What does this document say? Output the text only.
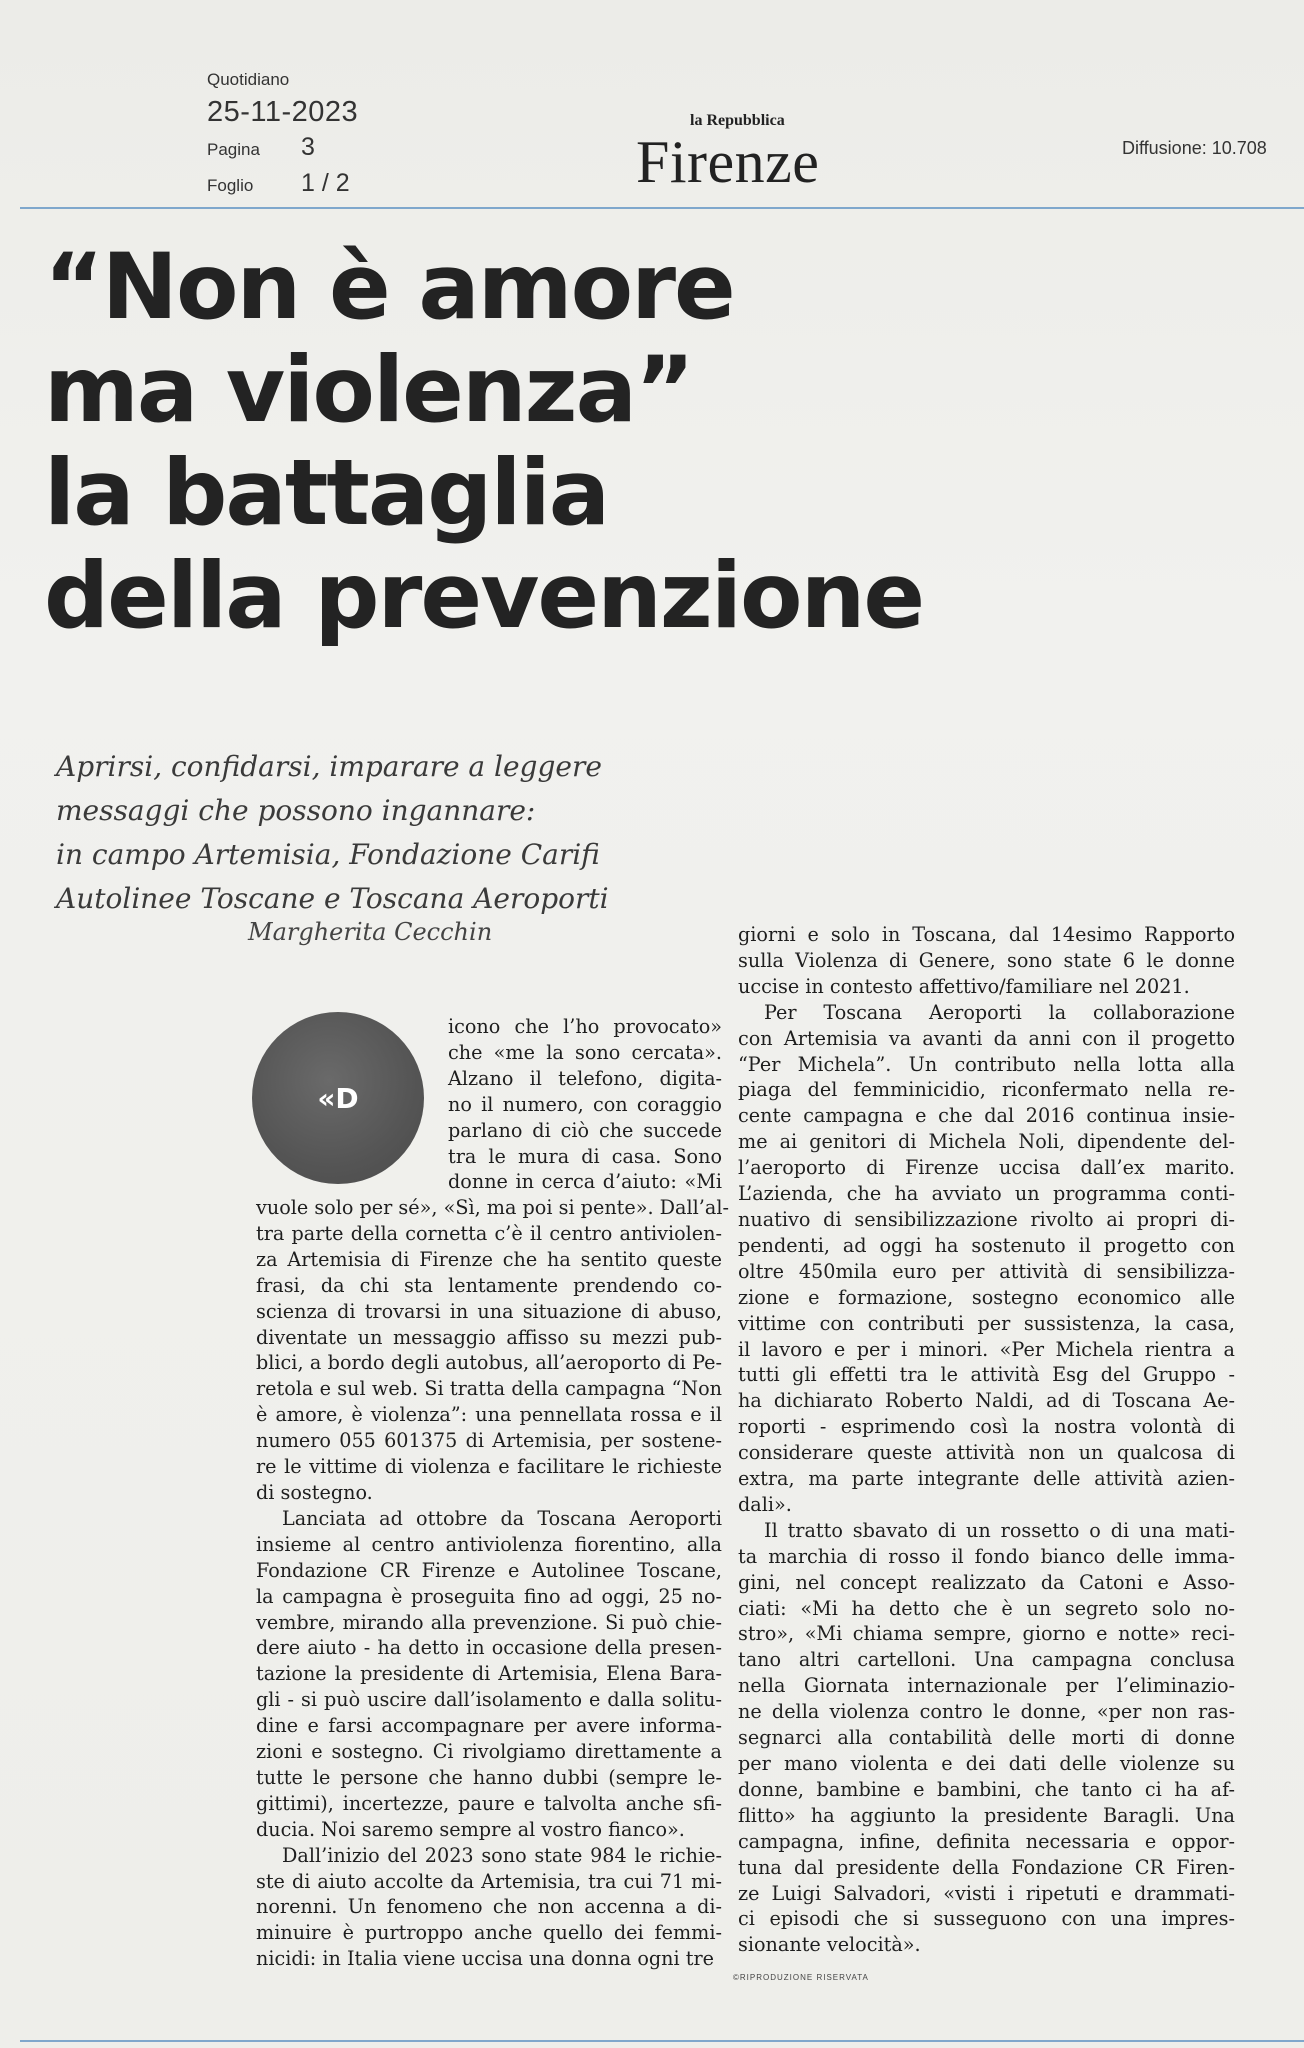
Quotidiano
25-11-2023
Pagina	3
Foglio	1 / 2
la Repubblica
Firenze	Diffusione: 10.708
“Non è amore
ma violenza”
la battaglia
della prevenzione
Aprirsi, confidarsi, imparare a leggere
messaggi che possono ingannare:
in campo Artemisia, Fondazione Carifi
Autolinee Toscane e Toscana Aeroporti
Margherita Cecchin
«D
icono che l’ho provocato»
che «me la sono cercata».
Alzano il telefono, digita-
no il numero, con coraggio
parlano di ciò che succede
tra le mura di casa. Sono
donne in cerca d’aiuto: «Mi
vuole solo per sé», «Sì, ma poi si pente». Dall’al-
tra parte della cornetta c’è il centro antiviolen-
za Artemisia di Firenze che ha sentito queste
frasi, da chi sta lentamente prendendo co-
scienza di trovarsi in una situazione di abuso,
diventate un messaggio affisso su mezzi pub-
blici, a bordo degli autobus, all’aeroporto di Pe-
retola e sul web. Si tratta della campagna “Non
è amore, è violenza”: una pennellata rossa e il
numero 055 601375 di Artemisia, per sostene-
re le vittime di violenza e facilitare le richieste
di sostegno.
Lanciata ad ottobre da Toscana Aeroporti
insieme al centro antiviolenza fiorentino, alla
Fondazione CR Firenze e Autolinee Toscane,
la campagna è proseguita fino ad oggi, 25 no-
vembre, mirando alla prevenzione. Si può chie-
dere aiuto - ha detto in occasione della presen-
tazione la presidente di Artemisia, Elena Bara-
gli - si può uscire dall’isolamento e dalla solitu-
dine e farsi accompagnare per avere informa-
zioni e sostegno. Ci rivolgiamo direttamente a
tutte le persone che hanno dubbi (sempre le-
gittimi), incertezze, paure e talvolta anche sfi-
ducia. Noi saremo sempre al vostro fianco».
Dall’inizio del 2023 sono state 984 le richie-
ste di aiuto accolte da Artemisia, tra cui 71 mi-
norenni. Un fenomeno che non accenna a di-
minuire è purtroppo anche quello dei femmi-
nicidi: in Italia viene uccisa una donna ogni tre
giorni e solo in Toscana, dal 14esimo Rapporto
sulla Violenza di Genere, sono state 6 le donne
uccise in contesto affettivo/familiare nel 2021.
Per Toscana Aeroporti la collaborazione
con Artemisia va avanti da anni con il progetto
“Per Michela”. Un contributo nella lotta alla
piaga del femminicidio, riconfermato nella re-
cente campagna e che dal 2016 continua insie-
me ai genitori di Michela Noli, dipendente del-
l’aeroporto di Firenze uccisa dall’ex marito.
L’azienda, che ha avviato un programma conti-
nuativo di sensibilizzazione rivolto ai propri di-
pendenti, ad oggi ha sostenuto il progetto con
oltre 450mila euro per attività di sensibilizza-
zione e formazione, sostegno economico alle
vittime con contributi per sussistenza, la casa,
il lavoro e per i minori. «Per Michela rientra a
tutti gli effetti tra le attività Esg del Gruppo -
ha dichiarato Roberto Naldi, ad di Toscana Ae-
roporti - esprimendo così la nostra volontà di
considerare queste attività non un qualcosa di
extra, ma parte integrante delle attività azien-
dali».
Il tratto sbavato di un rossetto o di una mati-
ta marchia di rosso il fondo bianco delle imma-
gini, nel concept realizzato da Catoni e Asso-
ciati: «Mi ha detto che è un segreto solo no-
stro», «Mi chiama sempre, giorno e notte» reci-
tano altri cartelloni. Una campagna conclusa
nella Giornata internazionale per l’eliminazio-
ne della violenza contro le donne, «per non ras-
segnarci alla contabilità delle morti di donne
per mano violenta e dei dati delle violenze su
donne, bambine e bambini, che tanto ci ha af-
flitto» ha aggiunto la presidente Baragli. Una
campagna, infine, definita necessaria e oppor-
tuna dal presidente della Fondazione CR Firen-
ze Luigi Salvadori, «visti i ripetuti e drammati-
ci episodi che si susseguono con una impres-
sionante velocità».
©RIPRODUZIONE RISERVATA
